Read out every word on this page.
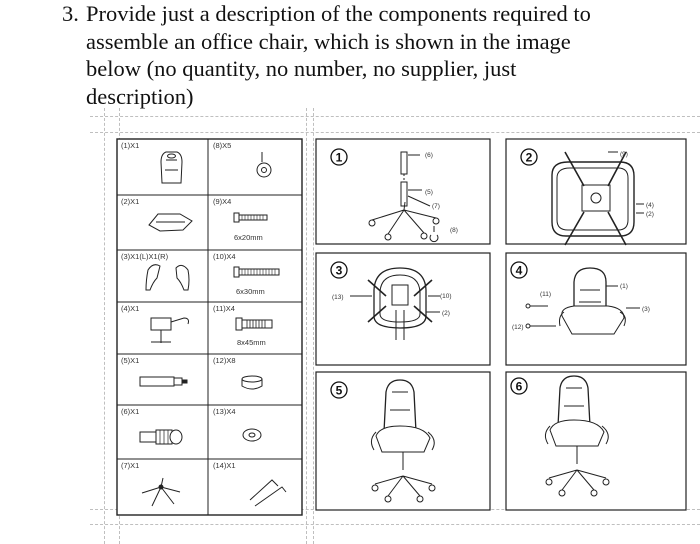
3. Provide just a description of the components required to
assemble an office chair, which is shown in the image
below (no quantity, no number, no supplier, just
description)
(1)X1	(8)X5
(2)X1	(9)X4
(3)X1(L)X1(R)	(10)X4
(4)X1	(11)X4
(5)X1	(12)X8
(6)X1	(13)X4
(7)X1	(14)X1
6x20mm
6x30mm
8x45mm
1	2
3	4
5	6
(6)
(5)
(7)
(8)
(9)
(4)
(2)
(13)	(10)
(2)
(11)
(1)
(3)
(12)
